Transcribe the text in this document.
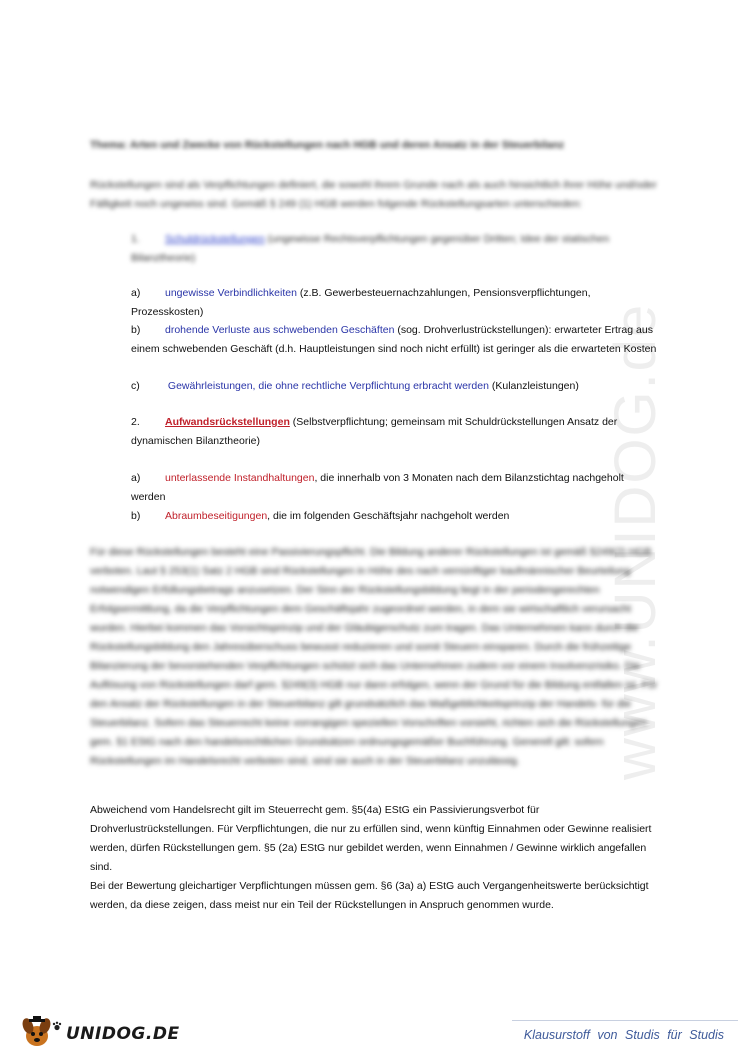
www.UNIDOG.de
Thema: Arten und Zwecke von Rückstellungen nach HGB und deren Ansatz in der Steuerbilanz
Rückstellungen sind als Verpflichtungen definiert, die sowohl ihrem Grunde nach als auch hinsichtlich ihrer Höhe und/oder Fälligkeit noch ungewiss sind. Gemäß § 249 (1) HGB werden folgende Rückstellungsarten unterschieden:
1. Schuldrückstellungen (ungewisse Rechtsverpflichtungen gegenüber Dritten; Idee der statischen Bilanztheorie)
a) ungewisse Verbindlichkeiten (z.B. Gewerbesteuernachzahlungen, Pensionsverpflichtungen, Prozesskosten)
b) drohende Verluste aus schwebenden Geschäften (sog. Drohverlustrückstellungen): erwarteter Ertrag aus einem schwebenden Geschäft (d.h. Hauptleistungen sind noch nicht erfüllt) ist geringer als die erwarteten Kosten
c) Gewährleistungen, die ohne rechtliche Verpflichtung erbracht werden (Kulanzleistungen)
2. Aufwandsrückstellungen (Selbstverpflichtung; gemeinsam mit Schuldrückstellungen Ansatz der dynamischen Bilanztheorie)
a) unterlassende Instandhaltungen, die innerhalb von 3 Monaten nach dem Bilanzstichtag nachgeholt werden
b) Abraumbeseitigungen, die im folgenden Geschäftsjahr nachgeholt werden
Für diese Rückstellungen besteht eine Passivierungspflicht. Die Bildung anderer Rückstellungen ist gemäß §249(2) HGB verboten. Laut § 253(1) Satz 2 HGB sind Rückstellungen in Höhe des nach vernünftiger kaufmännischer Beurteilung notwendigen Erfüllungsbetrags anzusetzen. Der Sinn der Rückstellungsbildung liegt in der periodengerechten Erfolgsermittlung, da die Verpflichtungen dem Geschäftsjahr zugeordnet werden, in dem sie wirtschaftlich verursacht wurden. Hierbei kommen das Vorsichtsprinzip und der Gläubigerschutz zum tragen. Das Unternehmen kann durch die Rückstellungsbildung den Jahresüberschuss bewusst reduzieren und somit Steuern einsparen. Durch die frühzeitige Bilanzierung der bevorstehenden Verpflichtungen schützt sich das Unternehmen zudem vor einem Insolvenzrisiko. Die Auflösung von Rückstellungen darf gem. §249(3) HGB nur dann erfolgen, wenn der Grund für die Bildung entfallen ist. Für den Ansatz der Rückstellungen in der Steuerbilanz gilt grundsätzlich das Maßgeblichkeitsprinzip der Handels- für die Steuerbilanz. Sofern das Steuerrecht keine vorrangigen speziellen Vorschriften vorsieht, richten sich die Rückstellungen gem. §1 EStG nach den handelsrechtlichen Grundsätzen ordnungsgemäßer Buchführung. Generell gilt: sofern Rückstellungen im Handelsrecht verboten sind, sind sie auch in der Steuerbilanz unzulässig.
Abweichend vom Handelsrecht gilt im Steuerrecht gem. §5(4a) EStG ein Passivierungsverbot für Drohverlustrückstellungen. Für Verpflichtungen, die nur zu erfüllen sind, wenn künftig Einnahmen oder Gewinne realisiert werden, dürfen Rückstellungen gem. §5 (2a) EStG nur gebildet werden, wenn Einnahmen / Gewinne wirklich angefallen sind.
Bei der Bewertung gleichartiger Verpflichtungen müssen gem. §6 (3a) a) EStG auch Vergangenheitswerte berücksichtigt werden, da diese zeigen, dass meist nur ein Teil der Rückstellungen in Anspruch genommen wurde.
UNIDOG.DE	Klausurstoff von Studis für Studis
